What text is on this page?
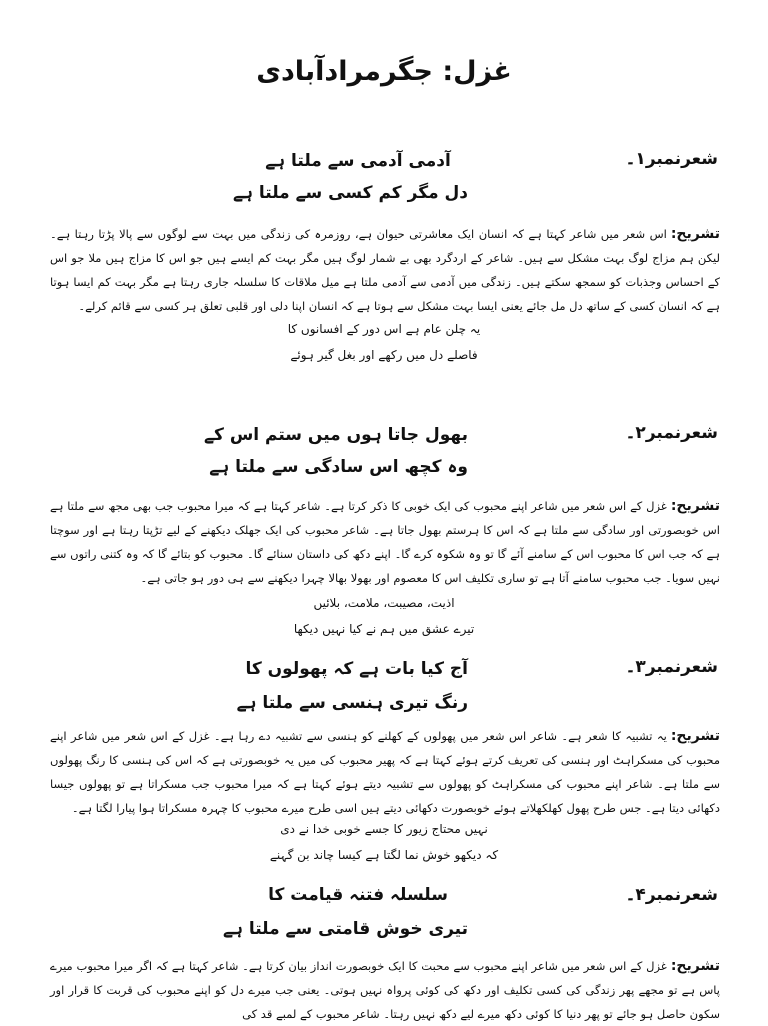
غزل: جگرمرادآبادی
شعرنمبر۱۔
آدمی آدمی سے ملتا ہے
دل مگر کم کسی سے ملتا ہے
تشریح:اس شعر میں شاعر کہتا ہے کہ انسان ایک معاشرتی حیوان ہے، روزمرہ کی زندگی میں بہت سے لوگوں سے پالا پڑتا رہتا ہے۔ لیکن ہم مزاج لوگ بہت مشکل سے ہیں۔ شاعر کے اردگرد بھی بے شمار لوگ ہیں مگر بہت کم ایسے ہیں جو اس کا مزاج ہیں ملا جو اس کے احساس وجذبات کو سمجھ سکتے ہیں۔ زندگی میں آدمی سے آدمی ملتا ہے میل ملاقات کا سلسلہ جاری رہتا ہے مگر بہت کم ایسا ہوتا ہے کہ انسان کسی کے ساتھ دل مل جائے یعنی ایسا بہت مشکل سے ہوتا ہے کہ انسان اپنا دلی اور قلبی تعلق ہر کسی سے قائم کرلے۔
یہ چلن عام ہے اس دور کے افسانوں کا
فاصلے دل میں رکھے اور بغل گیر ہوئے
شعرنمبر۲۔
بھول جاتا ہوں میں ستم اس کے
وہ کچھ اس سادگی سے ملتا ہے
تشریح:غزل کے اس شعر میں شاعر اپنے محبوب کی ایک خوبی کا ذکر کرتا ہے۔ شاعر کہتا ہے کہ میرا محبوب جب بھی مجھ سے ملتا ہے اس خوبصورتی اور سادگی سے ملتا ہے کہ اس کا ہرستم بھول جاتا ہے۔ شاعر محبوب کی ایک جھلک دیکھنے کے لیے تڑپتا رہتا ہے اور سوچتا ہے کہ جب اس کا محبوب اس کے سامنے آئے گا تو وہ شکوہ کرے گا۔ اپنے دکھ کی داستان سنائے گا۔ محبوب کو بتائے گا کہ وہ کتنی راتوں سے نہیں سویا۔ جب محبوب سامنے آتا ہے تو ساری تکلیف اس کا معصوم اور بھولا بھالا چہرا دیکھنے سے ہی دور ہو جاتی ہے۔
اذیت، مصیبت، ملامت، بلائیں
تیرے عشق میں ہم نے کیا نہیں دیکھا
شعرنمبر۳۔
آج کیا بات ہے کہ پھولوں کا
رنگ تیری ہنسی سے ملتا ہے
تشریح:یہ تشبیہ کا شعر ہے۔ شاعر اس شعر میں پھولوں کے کھلنے کو ہنسی سے تشبیہ دے رہا ہے۔ غزل کے اس شعر میں شاعر اپنے محبوب کی مسکراہٹ اور ہنسی کی تعریف کرتے ہوئے کہتا ہے کہ پھیر محبوب کی میں یہ خوبصورتی ہے کہ اس کی ہنسی کا رنگ پھولوں سے ملتا ہے۔ شاعر اپنے محبوب کی مسکراہٹ کو پھولوں سے تشبیہ دیتے ہوئے کہتا ہے کہ میرا محبوب جب مسکراتا ہے تو پھولوں جیسا دکھائی دیتا ہے۔ جس طرح پھول کھلکھلاتے ہوئے خوبصورت دکھائی دیتے ہیں اسی طرح میرے محبوب کا چہرہ مسکراتا ہوا پیارا لگتا ہے۔
نہیں محتاج زیور کا جسے خوبی خدا نے دی
کہ دیکھو خوش نما لگتا ہے کیسا چاند بن گہنے
شعرنمبر۴۔
سلسلہ فتنہ قیامت کا
تیری خوش قامتی سے ملتا ہے
تشریح:غزل کے اس شعر میں شاعر اپنے محبوب سے محبت کا ایک خوبصورت انداز بیان کرتا ہے۔ شاعر کہتا ہے کہ اگر میرا محبوب میرے پاس ہے تو مجھے پھر زندگی کی کسی تکلیف اور دکھ کی کوئی پرواہ نہیں ہوتی۔ یعنی جب میرے دل کو اپنے محبوب کی قربت کا قرار اور سکون حاصل ہو جائے تو پھر دنیا کا کوئی دکھ میرے لیے دکھ نہیں رہتا۔ شاعر محبوب کے لمبے قد کی
